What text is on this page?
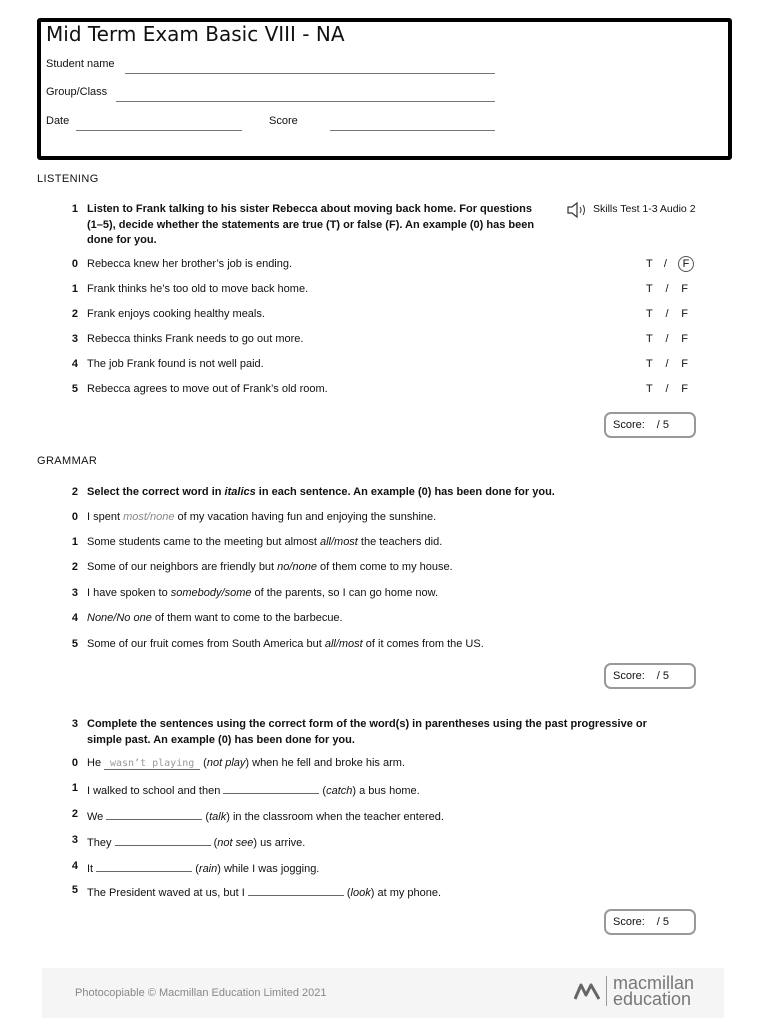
Mid Term Exam Basic VIII - NA
Student name
Group/Class
Date	Score
LISTENING
1 Listen to Frank talking to his sister Rebecca about moving back home. For questions
(1–5), decide whether the statements are true (T) or false (F). An example (0) has been
done for you.
Skills Test 1-3 Audio 2
0 Rebecca knew her brother’s job is ending.	T /	F
1 Frank thinks he’s too old to move back home.	T / F
2 Frank enjoys cooking healthy meals.	T / F
3 Rebecca thinks Frank needs to go out more.	T / F
4 The job Frank found is not well paid.	T / F
5 Rebecca agrees to move out of Frank’s old room.	T / F
Score: / 5
GRAMMAR
2 Select the correct word in italics in each sentence. An example (0) has been done for you.
0 I spent most/none of my vacation having fun and enjoying the sunshine.
1 Some students came to the meeting but almost all/most the teachers did.
2 Some of our neighbors are friendly but no/none of them come to my house.
3 I have spoken to somebody/some of the parents, so I can go home now.
4 None/No one of them want to come to the barbecue.
5 Some of our fruit comes from South America but all/most of it comes from the US.
Score: / 5
3 Complete the sentences using the correct form of the word(s) in parentheses using the past progressive or
simple past. An example (0) has been done for you.
0 He wasn’t playing (not play) when he fell and broke his arm.
1 I walked to school and then	(catch) a bus home.
2 We	(talk) in the classroom when the teacher entered.
3 They	(not see) us arrive.
4 It	(rain) while I was jogging.
5 The President waved at us, but I	(look) at my phone.
Score: / 5
Photocopiable © Macmillan Education Limited 2021	macmillan
education
